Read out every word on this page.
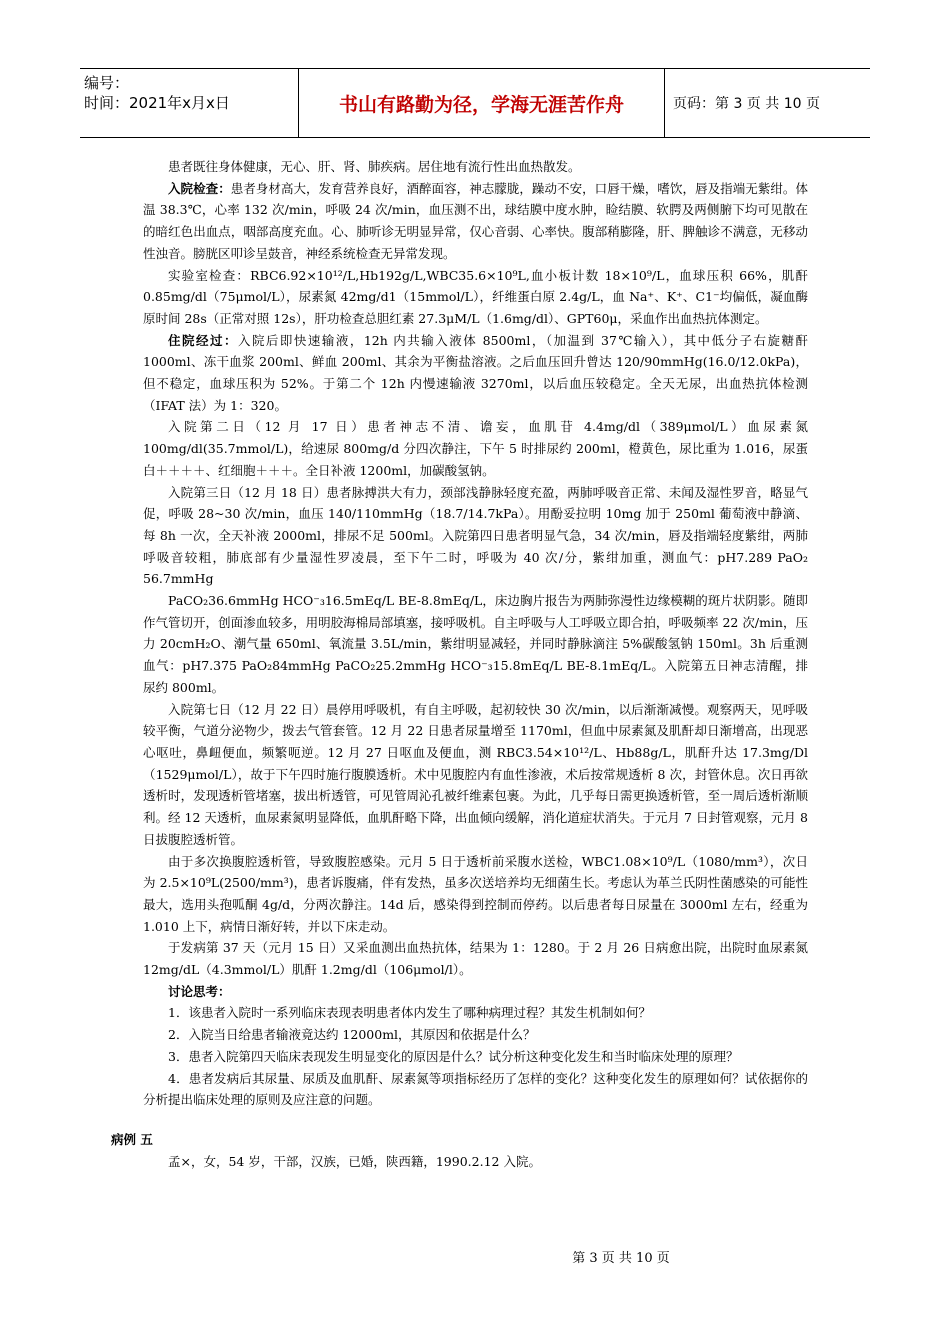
编号：
时间：2021年x月x日	书山有路勤为径，学海无涯苦作舟	页码：第 3 页 共 10 页

患者既往身体健康，无心、肝、肾、肺疾病。居住地有流行性出血热散发。

入院检查：患者身材高大，发育营养良好，酒醉面容，神志朦胧，躁动不安，口唇干燥，嗜饮，唇及指端无紫绀。体温 38.3℃，心率 132 次/min，呼吸 24 次/min，血压测不出，球结膜中度水肿，睑结膜、软腭及两侧腑下均可见散在的暗红色出血点，咽部高度充血。心、肺听诊无明显异常，仅心音弱、心率快。腹部稍膨隆，肝、脾触诊不满意，无移动性浊音。膀胱区叩诊呈鼓音，神经系统检查无异常发现。

实验室检查：RBC6.92×10¹²/L,Hb192g/L,WBC35.6×10⁹L,血小板计数 18×10⁹/L，血球压积 66%，肌酐 0.85mg/dl（75μmol/L），尿素氮 42mg/d1（15mmol/L），纤维蛋白原 2.4g/L，血 Na⁺、K⁺、C1⁻均偏低，凝血酶原时间 28s（正常对照 12s），肝功检查总胆红素 27.3μM/L（1.6mg/dl）、GPT60μ，采血作出血热抗体测定。

住院经过：入院后即快速输液，12h 内共输入液体 8500ml，（加温到 37℃输入），其中低分子右旋糖酐 1000ml、冻干血浆 200ml、鲜血 200ml、其余为平衡盐溶液。之后血压回升曾达 120/90mmHg(16.0/12.0kPa)，但不稳定，血球压积为 52%。于第二个 12h 内慢速输液 3270ml，以后血压较稳定。全天无尿，出血热抗体检测（IFAT 法）为 1：320。

入院第二日（12 月 17 日）患者神志不清、谵妄，血肌苷 4.4mg/dl（389μmol/L）血尿素氮 100mg/dl(35.7mmol/L)，给速尿 800mg/d 分四次静注，下午 5 时排尿约 200ml，橙黄色，尿比重为 1.016，尿蛋白＋＋＋＋、红细胞＋＋＋。全日补液 1200ml，加碳酸氢钠。

入院第三日（12 月 18 日）患者脉搏洪大有力，颈部浅静脉轻度充盈，两肺呼吸音正常、未闻及湿性罗音，略显气促，呼吸 28~30 次/min，血压 140/110mmHg（18.7/14.7kPa）。用酚妥拉明 10mg 加于 250ml 葡萄液中静滴、每 8h 一次，全天补液 2000ml，排尿不足 500ml。入院第四日患者明显气急，34 次/min，唇及指端轻度紫绀，两肺呼吸音较粗，肺底部有少量湿性罗凌晨，至下午二时，呼吸为 40 次/分，紫绀加重，测血气：pH7.289 PaO₂ 56.7mmHg

PaCO₂36.6mmHg HCO⁻₃16.5mEq/L BE-8.8mEq/L，床边胸片报告为两肺弥漫性边缘模糊的斑片状阴影。随即作气管切开，创面渗血较多，用明胶海棉局部填塞，接呼吸机。自主呼吸与人工呼吸立即合拍，呼吸频率 22 次/min，压力 20cmH₂O、潮气量 650ml、氧流量 3.5L/min，紫绀明显减轻，并同时静脉滴注 5%碳酸氢钠 150ml。3h 后重测血气：pH7.375 PaO₂84mmHg PaCO₂25.2mmHg HCO⁻₃15.8mEq/L BE-8.1mEq/L。入院第五日神志清醒，排尿约 800ml。

入院第七日（12 月 22 日）晨停用呼吸机，有自主呼吸，起初较快 30 次/min，以后渐渐减慢。观察两天，见呼吸较平衡，气道分泌物少，拨去气管套管。12 月 22 日患者尿量增至 1170ml，但血中尿素氮及肌酐却日渐增高，出现恶心呕吐，鼻衄便血，频繁呃逆。12 月 27 日呕血及便血，测 RBC3.54×10¹²/L、Hb88g/L，肌酐升达 17.3mg/Dl（1529μmol/L），故于下午四时施行腹膜透析。术中见腹腔内有血性渗液，术后按常规透析 8 次，封管休息。次日再欲透析时，发现透析管堵塞，拔出析透管，可见管周沁孔被纤维素包裹。为此，几乎每日需更换透析管，至一周后透析渐顺利。经 12 天透析，血尿素氮明显降低，血肌酐略下降，出血倾向缓解，消化道症状消失。于元月 7 日封管观察，元月 8 日拔腹腔透析管。

由于多次换腹腔透析管，导致腹腔感染。元月 5 日于透析前采腹水送检，WBC1.08×10⁹/L（1080/mm³），次日为 2.5×10⁹L(2500/mm³)，患者诉腹痛，伴有发热，虽多次送培养均无细菌生长。考虑认为革兰氏阴性菌感染的可能性最大，选用头孢呱酮 4g/d，分两次静注。14d 后，感染得到控制而停药。以后患者每日尿量在 3000ml 左右，经重为 1.010 上下，病情日渐好转，并以下床走动。

于发病第 37 天（元月 15 日）又采血测出血热抗体，结果为 1：1280。于 2 月 26 日病愈出院，出院时血尿素氮 12mg/dL（4.3mmol/L）肌酐 1.2mg/dl（106μmol/l）。

讨论思考：

1．该患者入院时一系列临床表现表明患者体内发生了哪种病理过程？其发生机制如何？

2．入院当日给患者输液竟达约 12000ml，其原因和依据是什么？

3．患者入院第四天临床表现发生明显变化的原因是什么？试分析这种变化发生和当时临床处理的原理？

4．患者发病后其尿量、尿质及血肌酐、尿素氮等项指标经历了怎样的变化？这种变化发生的原理如何？试依据你的分析提出临床处理的原则及应注意的问题。

病例 五

孟×，女，54 岁，干部，汉族，已婚，陕西籍，1990.2.12 入院。

第 3 页 共 10 页
